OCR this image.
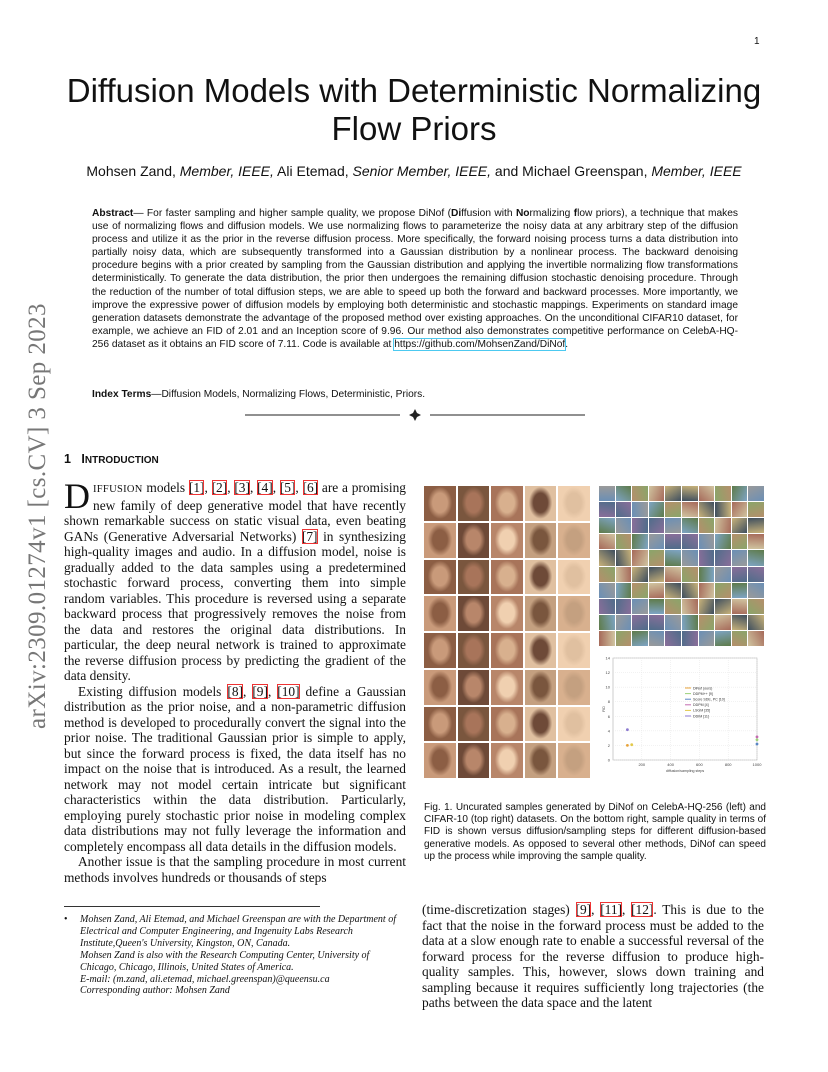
1
arXiv:2309.01274v1 [cs.CV] 3 Sep 2023
Diffusion Models with Deterministic Normalizing Flow Priors
Mohsen Zand, Member, IEEE, Ali Etemad, Senior Member, IEEE, and Michael Greenspan, Member, IEEE
Abstract— For faster sampling and higher sample quality, we propose DiNof (Diffusion with Normalizing flow priors), a technique that makes use of normalizing flows and diffusion models. We use normalizing flows to parameterize the noisy data at any arbitrary step of the diffusion process and utilize it as the prior in the reverse diffusion process. More specifically, the forward noising process turns a data distribution into partially noisy data, which are subsequently transformed into a Gaussian distribution by a nonlinear process. The backward denoising procedure begins with a prior created by sampling from the Gaussian distribution and applying the invertible normalizing flow transformations deterministically. To generate the data distribution, the prior then undergoes the remaining diffusion stochastic denoising procedure. Through the reduction of the number of total diffusion steps, we are able to speed up both the forward and backward processes. More importantly, we improve the expressive power of diffusion models by employing both deterministic and stochastic mappings. Experiments on standard image generation datasets demonstrate the advantage of the proposed method over existing approaches. On the unconditional CIFAR10 dataset, for example, we achieve an FID of 2.01 and an Inception score of 9.96. Our method also demonstrates competitive performance on CelebA-HQ-256 dataset as it obtains an FID score of 7.11. Code is available at https://github.com/MohsenZand/DiNof.
Index Terms—Diffusion Models, Normalizing Flows, Deterministic, Priors.
1 INTRODUCTION

DIFFUSION models [1], [2], [3], [4], [5], [6] are a promising new family of deep generative model that have recently shown remarkable success on static visual data, even beating GANs (Generative Adversarial Networks) [7] in synthesizing high-quality images and audio. In a diffusion model, noise is gradually added to the data samples using a predetermined stochastic forward process, converting them into simple random variables. This procedure is reversed using a separate backward process that progressively removes the noise from the data and restores the original data distributions. In particular, the deep neural network is trained to approximate the reverse diffusion process by predicting the gradient of the data density.

Existing diffusion models [8], [9], [10] define a Gaussian distribution as the prior noise, and a non-parametric diffusion method is developed to procedurally convert the signal into the prior noise. The traditional Gaussian prior is simple to apply, but since the forward process is fixed, the data itself has no impact on the noise that is introduced. As a result, the learned network may not model certain intricate but significant characteristics within the data distribution. Particularly, employing purely stochastic prior noise in modeling complex data distributions may not fully leverage the information and completely encompass all data details in the diffusion models.

Another issue is that the sampling procedure in most current methods involves hundreds or thousands of steps

0
2
4
6
8
10
12
14
200	400	600	800	1000
diffusion/sampling steps
FID
DiNof (ours)
DDPM++ [9]
Score SDE, PC [10]
DDPM [4]
LSGM [35]
DDIM [11]
Fig. 1. Uncurated samples generated by DiNof on CelebA-HQ-256 (left) and CIFAR-10 (top right) datasets. On the bottom right, sample quality in terms of FID is shown versus diffusion/sampling steps for different diffusion-based generative models. As opposed to several other methods, DiNof can speed up the process while improving the sample quality.
(time-discretization stages) [9], [11], [12]. This is due to the fact that the noise in the forward process must be added to the data at a slow enough rate to enable a successful reversal of the forward process for the reverse diffusion to produce high-quality samples. This, however, slows down training and sampling because it requires sufficiently long trajectories (the paths between the data space and the latent
• Mohsen Zand, Ali Etemad, and Michael Greenspan are with the Department of Electrical and Computer Engineering, and Ingenuity Labs Research Institute,Queen's University, Kingston, ON, Canada.
Mohsen Zand is also with the Research Computing Center, University of Chicago, Chicago, Illinois, United States of America.
E-mail: (m.zand, ali.etemad, michael.greenspan)@queensu.ca
Corresponding author: Mohsen Zand
